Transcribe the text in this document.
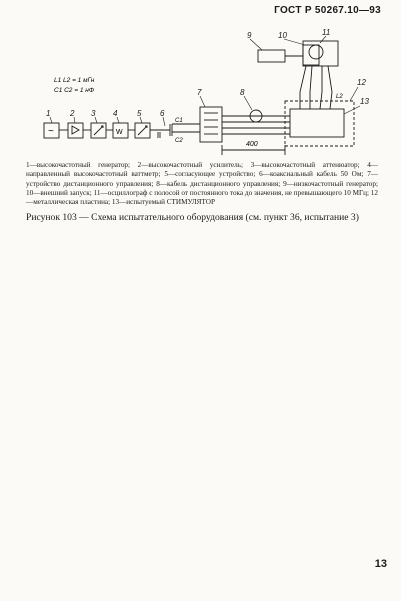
ГОСТ Р 50267.10—93
L1 L2 = 1 мГн
C1 C2 = 1 нФ
1 2 3 4 5 6
7	8
9	10	11
12
13
~	W
C1
C2
L2
400
1—высокочастотный генератор; 2—высокочастотный усилитель; 3—высокочастотный аттенюатор; 4—направленный высокочастотный ваттметр; 5—согласующее устройство; 6—коаксиальный кабель 50 Ом; 7—устройство дистанционного управления; 8—кабель дистанционного управления; 9—низкочастотный генератор; 10—внешний запуск; 11—осциллограф с полосой от постоянного тока до значения, не превышающего 10 МГц; 12—металлическая пластина; 13—испытуемый СТИМУЛЯТОР
Рисунок 103 — Схема испытательного оборудования (см. пункт 36, испытание 3)
13
